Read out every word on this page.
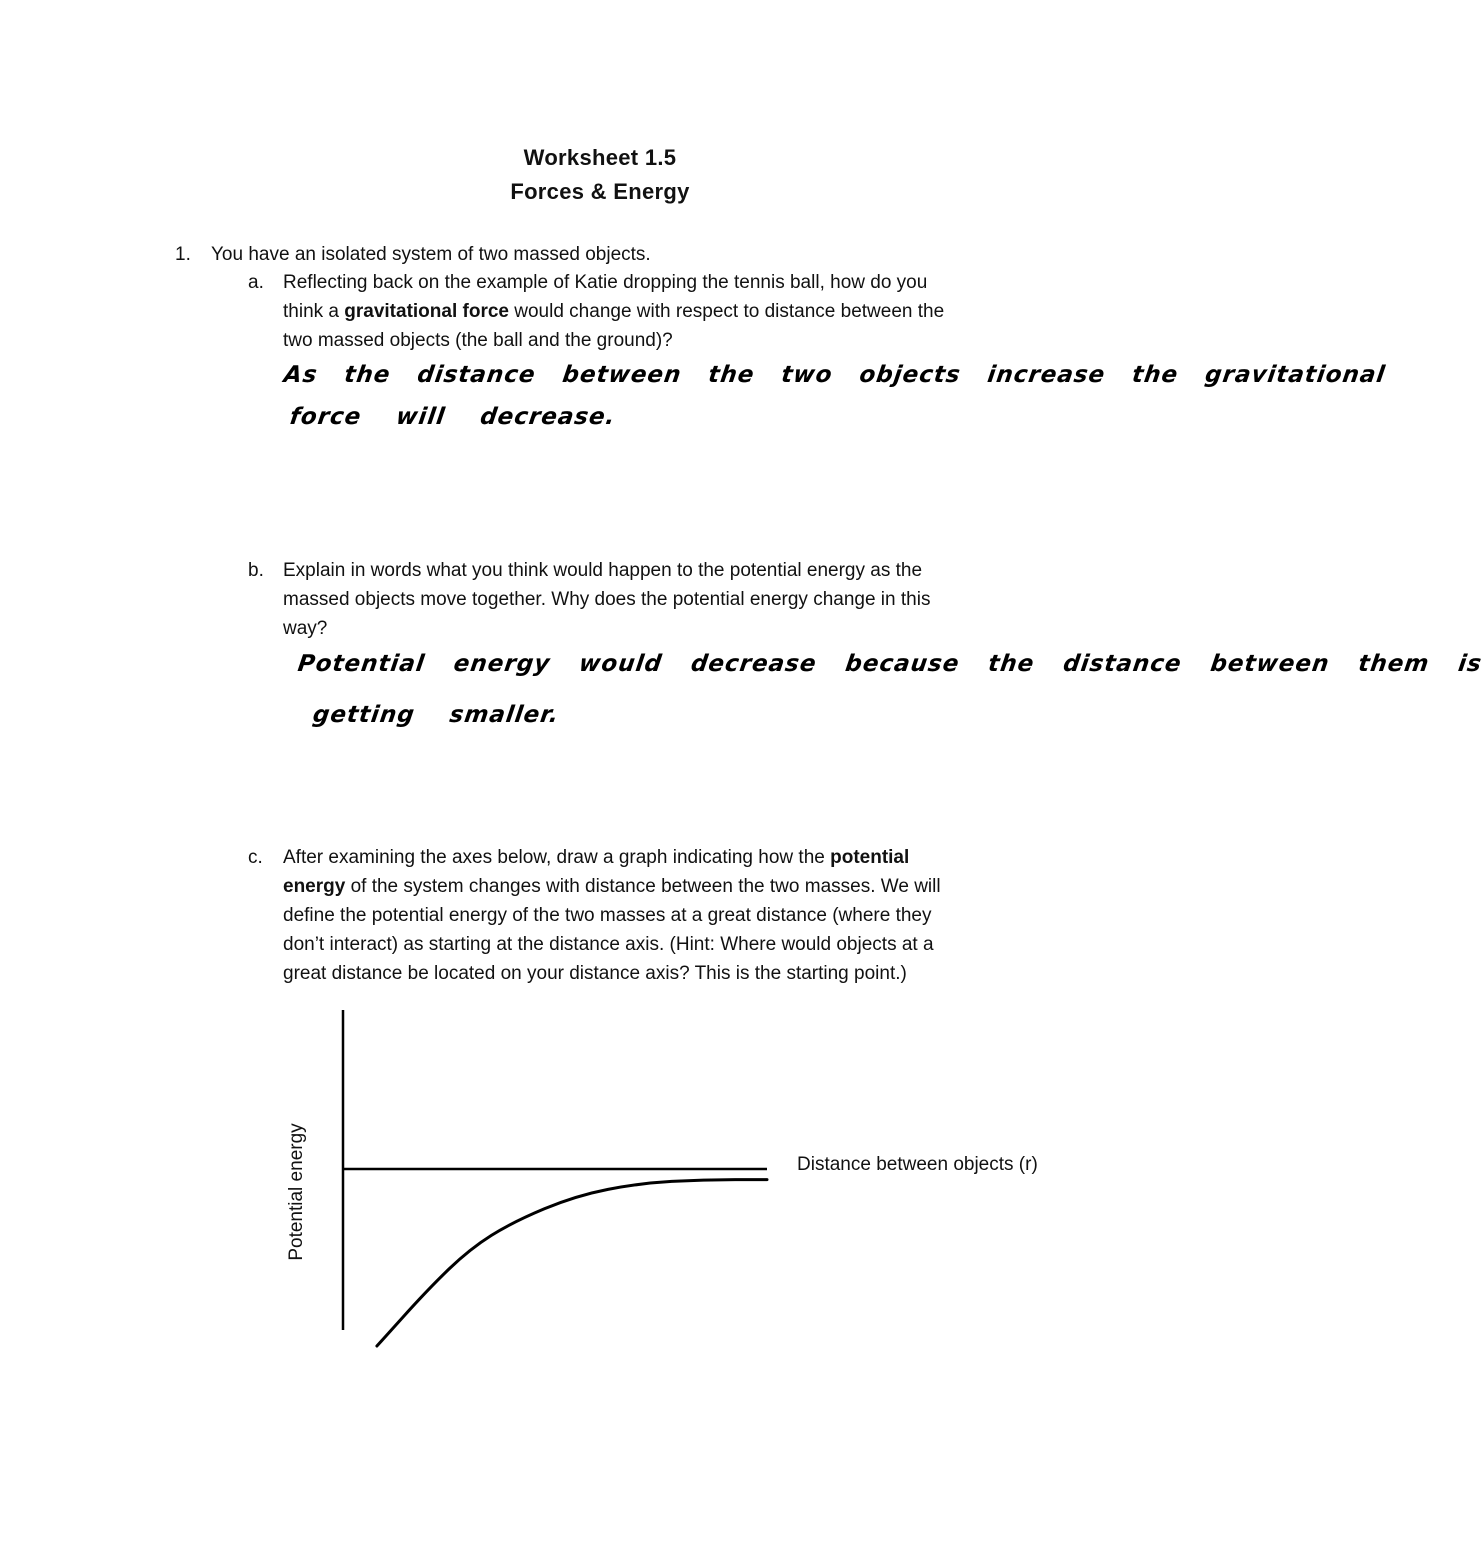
Worksheet 1.5
Forces & Energy
1. You have an isolated system of two massed objects.
a. Reflecting back on the example of Katie dropping the tennis ball, how do you
think a gravitational force would change with respect to distance between the
two massed objects (the ball and the ground)?
As the distance between the two objects increase the gravitational
force will decrease.
b. Explain in words what you think would happen to the potential energy as the
massed objects move together. Why does the potential energy change in this
way?
Potential energy would decrease because the distance between them is
getting smaller.
c. After examining the axes below, draw a graph indicating how the potential
energy of the system changes with distance between the two masses. We will
define the potential energy of the two masses at a great distance (where they
don’t interact) as starting at the distance axis. (Hint: Where would objects at a
great distance be located on your distance axis? This is the starting point.)
Potential energy	Distance between objects (r)
